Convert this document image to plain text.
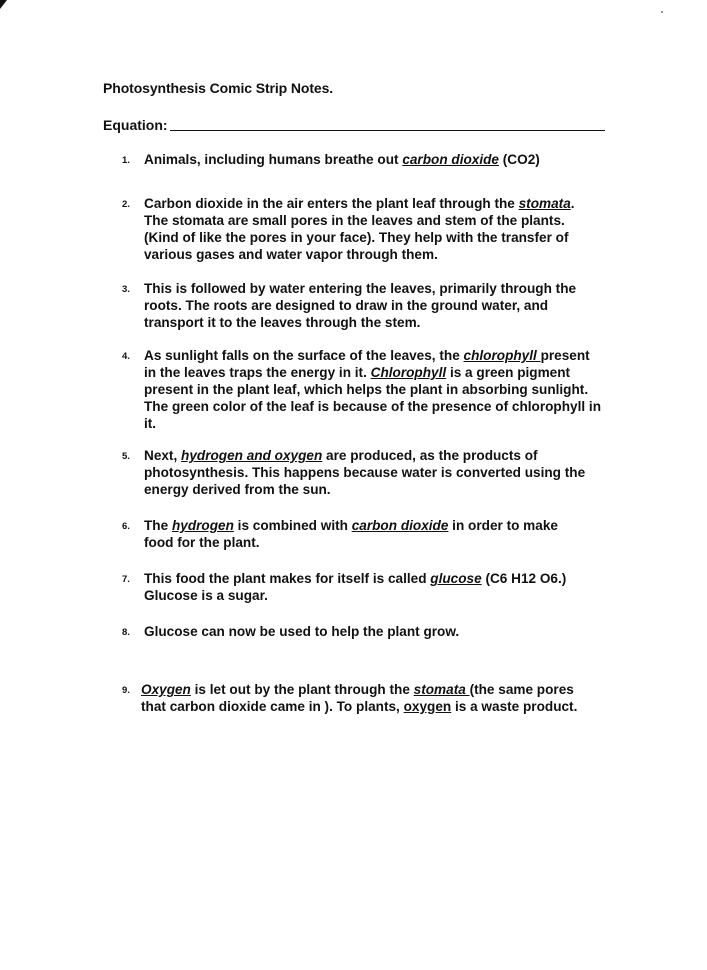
Photosynthesis Comic Strip Notes.
Equation:
1. Animals, including humans breathe out carbon dioxide (CO2)
2. Carbon dioxide in the air enters the plant leaf through the stomata.
The stomata are small pores in the leaves and stem of the plants.
(Kind of like the pores in your face). They help with the transfer of
various gases and water vapor through them.
3. This is followed by water entering the leaves, primarily through the
roots. The roots are designed to draw in the ground water, and
transport it to the leaves through the stem.
4. As sunlight falls on the surface of the leaves, the chlorophyll present
in the leaves traps the energy in it. Chlorophyll is a green pigment
present in the plant leaf, which helps the plant in absorbing sunlight.
The green color of the leaf is because of the presence of chlorophyll in
it.
5. Next, hydrogen and oxygen are produced, as the products of
photosynthesis. This happens because water is converted using the
energy derived from the sun.
6. The hydrogen is combined with carbon dioxide in order to make
food for the plant.
7. This food the plant makes for itself is called glucose (C6 H12 O6.)
Glucose is a sugar.
8. Glucose can now be used to help the plant grow.
9. Oxygen is let out by the plant through the stomata (the same pores
that carbon dioxide came in ). To plants, oxygen is a waste product.
